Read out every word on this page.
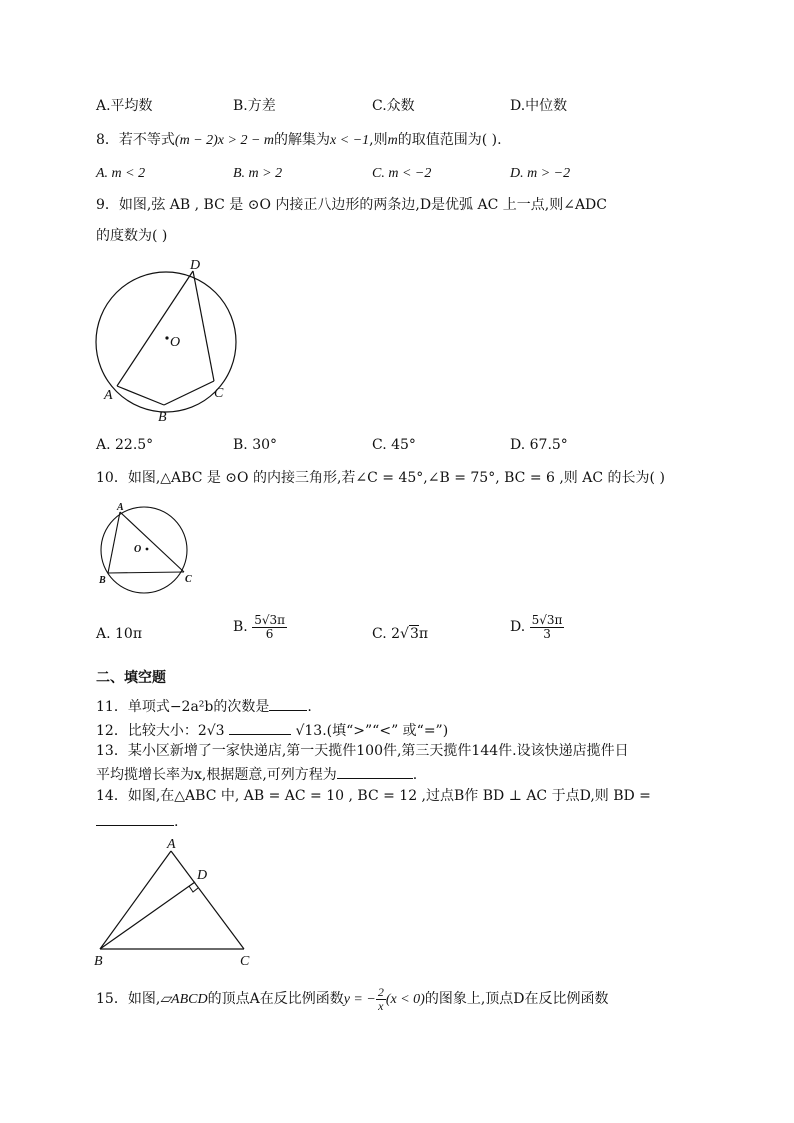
A.平均数	B.方差	C.众数	D.中位数
8．若不等式(m − 2)x > 2 − m的解集为x < −1,则m的取值范围为( ).
A. m < 2	B. m > 2	C. m < −2	D. m > −2
9．如图,弦 AB , BC 是 ⊙O 内接正八边形的两条边,D是优弧 AC 上一点,则∠ADC
的度数为( )
D
O
A
B
C
A. 22.5°	B. 30°	C. 45°	D. 67.5°
10．如图,△ABC 是 ⊙O 的内接三角形,若∠C = 45°,∠B = 75°, BC = 6 ,则 AC 的长为( )
A
O
B	C
A. 10π	B. $\frac{5√3\pi}{6}$	C. 2√3π	D. $\frac{5√3\pi}{3}$
二、填空题
11．单项式−2a²b的次数是	.
12．比较大小：2√3	√13.(填“>”“<” 或“=”)
13．某小区新增了一家快递店,第一天揽件100件,第三天揽件144件.设该快递店揽件日
平均揽增长率为x,根据题意,可列方程为	.
14．如图,在△ABC 中, AB = AC = 10 , BC = 12 ,过点B作 BD ⊥ AC 于点D,则 BD =
.
A
D
B	C
15．如图,▱ABCD的顶点A在反比例函数y = − $\frac{2}{x} (x < 0)$的图象上,顶点D在反比例函数
